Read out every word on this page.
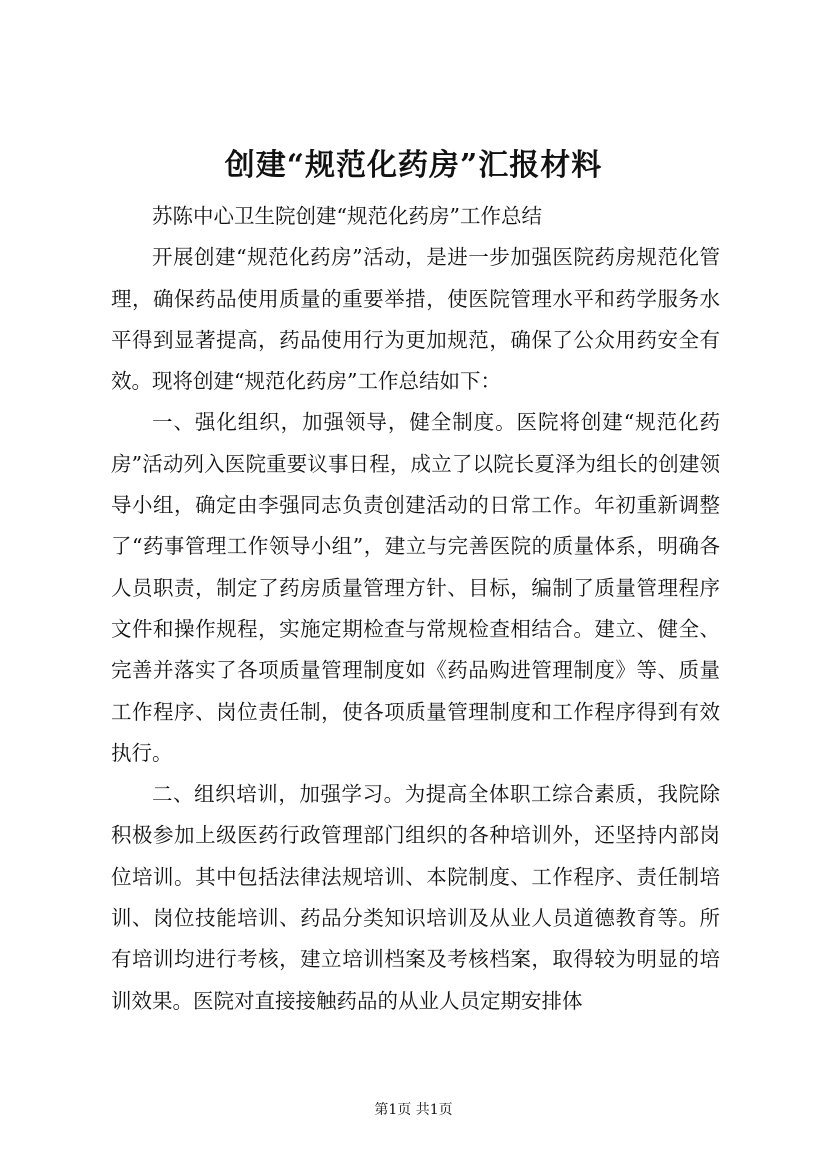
创建“规范化药房”汇报材料

苏陈中心卫生院创建“规范化药房”工作总结

开展创建“规范化药房”活动，是进一步加强医院药房规范化管理，确保药品使用质量的重要举措，使医院管理水平和药学服务水平得到显著提高，药品使用行为更加规范，确保了公众用药安全有效。现将创建“规范化药房”工作总结如下：

一、强化组织，加强领导，健全制度。医院将创建“规范化药房”活动列入医院重要议事日程，成立了以院长夏泽为组长的创建领导小组，确定由李强同志负责创建活动的日常工作。年初重新调整了“药事管理工作领导小组”，建立与完善医院的质量体系，明确各人员职责，制定了药房质量管理方针、目标，编制了质量管理程序文件和操作规程，实施定期检查与常规检查相结合。建立、健全、完善并落实了各项质量管理制度如《药品购进管理制度》等、质量工作程序、岗位责任制，使各项质量管理制度和工作程序得到有效执行。

二、组织培训，加强学习。为提高全体职工综合素质，我院除积极参加上级医药行政管理部门组织的各种培训外，还坚持内部岗位培训。其中包括法律法规培训、本院制度、工作程序、责任制培训、岗位技能培训、药品分类知识培训及从业人员道德教育等。所有培训均进行考核，建立培训档案及考核档案，取得较为明显的培训效果。医院对直接接触药品的从业人员定期安排体

第1页 共1页
